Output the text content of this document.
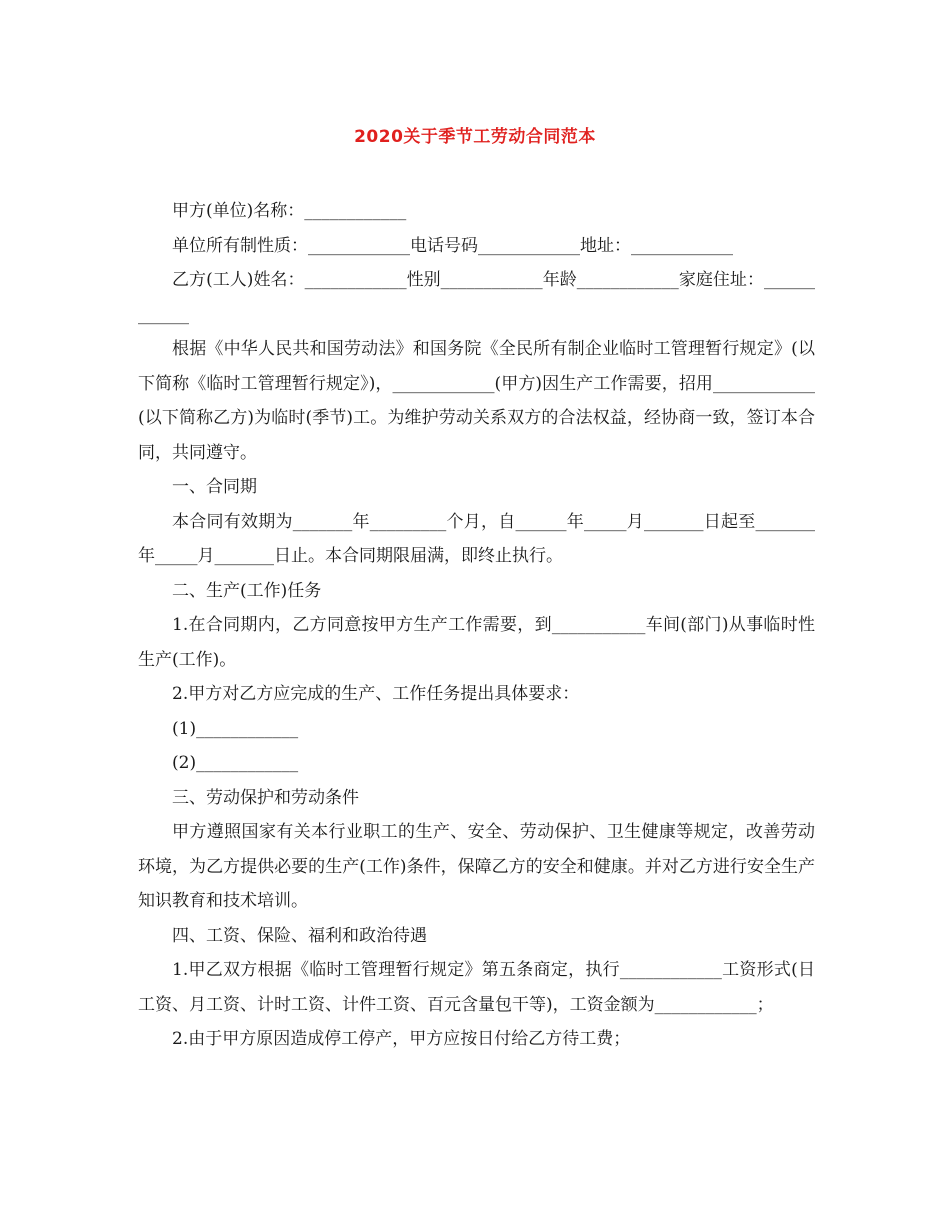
2020关于季节工劳动合同范本

甲方(单位)名称：____________

单位所有制性质：____________电话号码____________地址：____________

乙方(工人)姓名：____________性别____________年龄____________家庭住址：____________

根据《中华人民共和国劳动法》和国务院《全民所有制企业临时工管理暂行规定》(以下简称《临时工管理暂行规定》)，____________(甲方)因生产工作需要，招用____________(以下简称乙方)为临时(季节)工。为维护劳动关系双方的合法权益，经协商一致，签订本合同，共同遵守。

一、合同期

本合同有效期为_______年_________个月，自______年_____月_______日起至_______年_____月_______日止。本合同期限届满，即终止执行。

二、生产(工作)任务

1.在合同期内，乙方同意按甲方生产工作需要，到___________车间(部门)从事临时性生产(工作)。

2.甲方对乙方应完成的生产、工作任务提出具体要求：

(1)____________

(2)____________

三、劳动保护和劳动条件

甲方遵照国家有关本行业职工的生产、安全、劳动保护、卫生健康等规定，改善劳动环境，为乙方提供必要的生产(工作)条件，保障乙方的安全和健康。并对乙方进行安全生产知识教育和技术培训。

四、工资、保险、福利和政治待遇

1.甲乙双方根据《临时工管理暂行规定》第五条商定，执行____________工资形式(日工资、月工资、计时工资、计件工资、百元含量包干等)，工资金额为____________；

2.由于甲方原因造成停工停产，甲方应按日付给乙方待工费；
